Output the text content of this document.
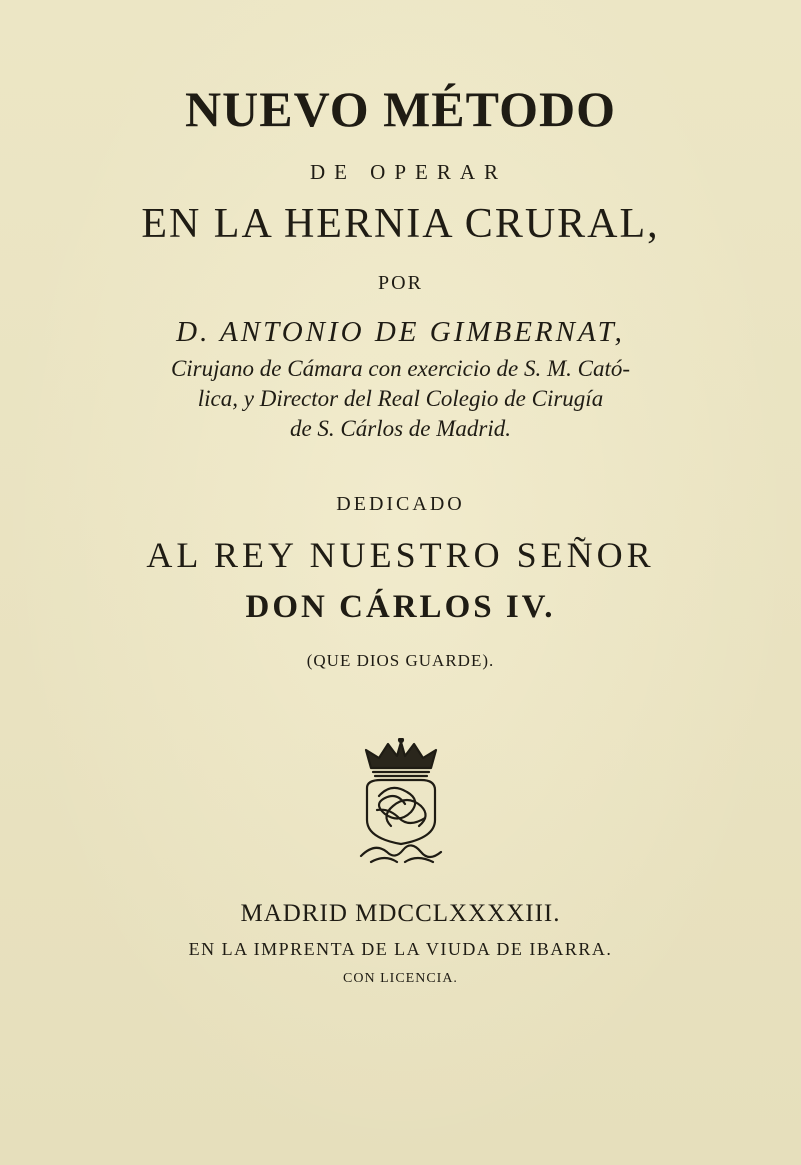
NUEVO MÉTODO
DE OPERAR
EN LA HERNIA CRURAL,
POR
D. ANTONIO DE GIMBERNAT,
Cirujano de Cámara con exercicio de S. M. Cató-
lica, y Director del Real Colegio de Cirugía
de S. Cárlos de Madrid.
DEDICADO
AL REY NUESTRO SEÑOR
DON CÁRLOS IV.
(QUE DIOS GUARDE).
MADRID MDCCLXXXXIII.
EN LA IMPRENTA DE LA VIUDA DE IBARRA.
CON LICENCIA.
